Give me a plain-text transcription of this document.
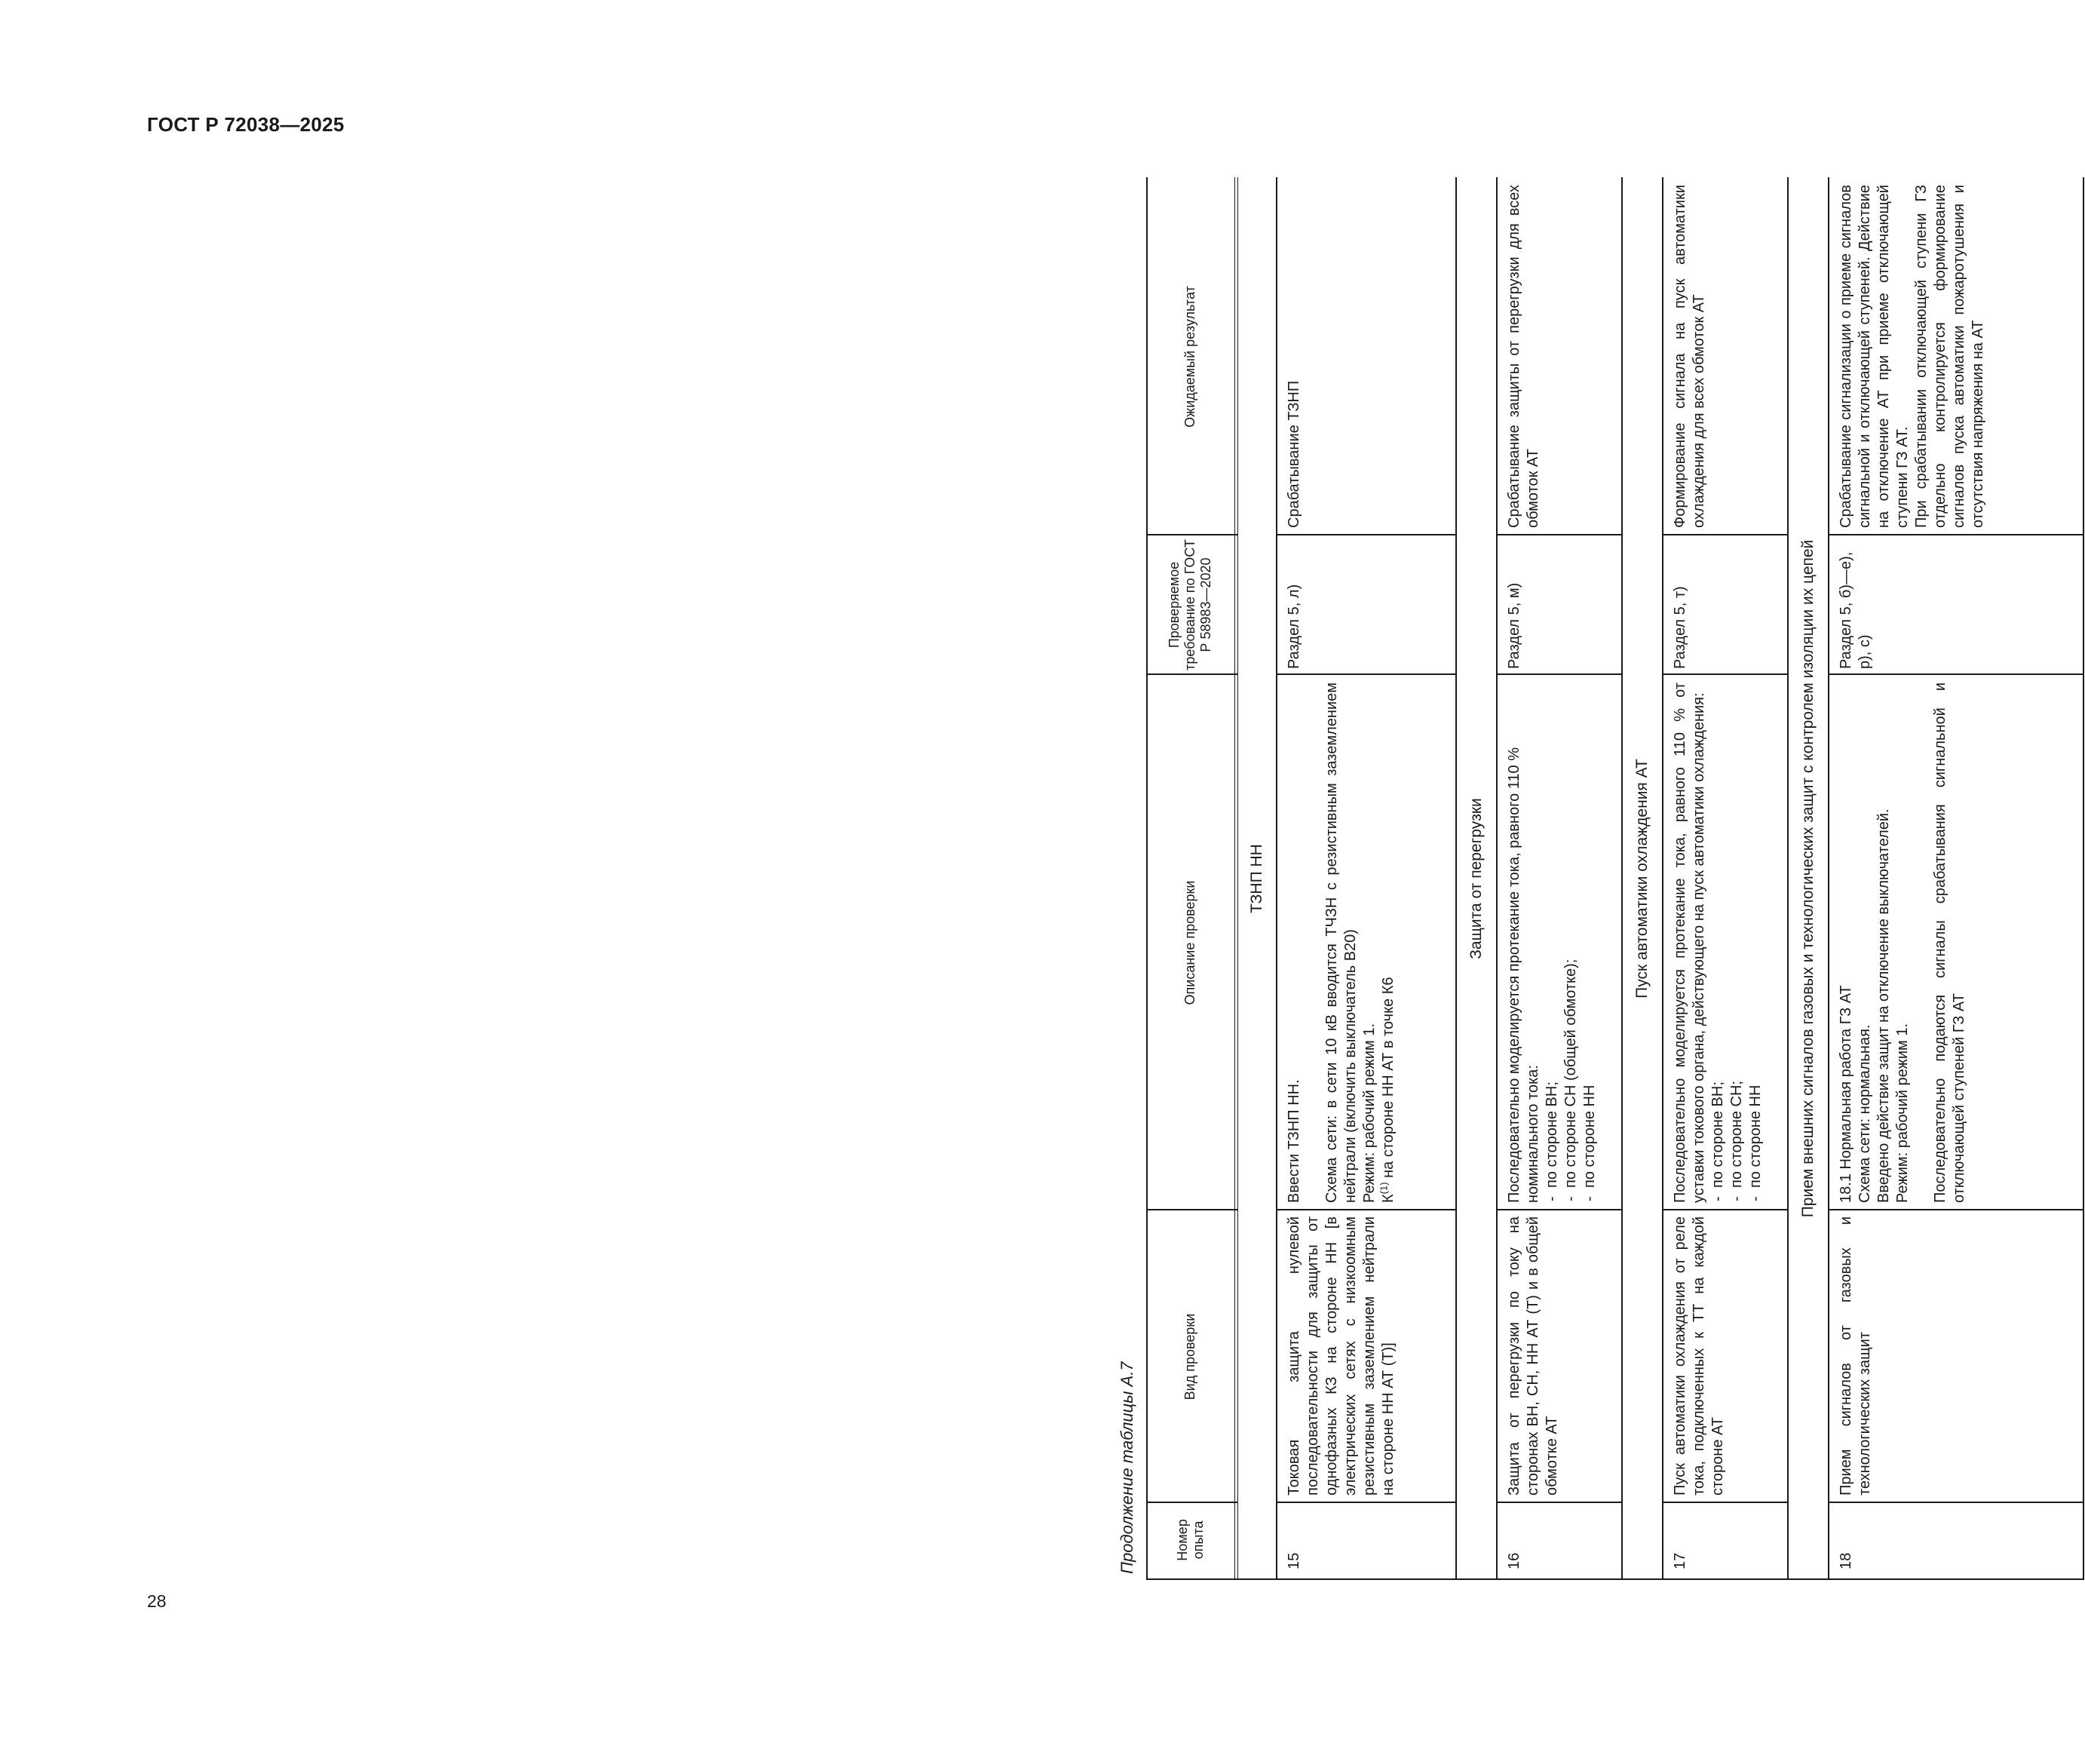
ГОСТ Р 72038—2025
28
Продолжение таблицы А.7	Номер опыта
Вид проверки
Описание проверки
Проверяемое требование по ГОСТ Р 58983—2020
Ожидаемый результат
ТЗНП НН
15
Токовая защита нулевой последовательности для защиты от однофазных КЗ на стороне НН [в электрических сетях с низкоомным резистивным заземлением нейтрали на стороне НН АТ (Т)]

Ввести ТЗНП НН. Схема сети: в сети 10 кВ вводится ТЧЗН с резистивным заземлением нейтрали (включить выключатель В20) Режим: рабочий режим 1. $К^{(1)}$ на стороне НН АТ в точке К6

Раздел 5, л)
Срабатывание ТЗНП
Защита от перегрузки
16
Защита от перегрузки по току на сторонах ВН, СН, НН АТ (Т) и в общей обмотке АТ

Последовательно моделируется протекание тока, равного 110 % номинального тока: - по стороне ВН; - по стороне СН (общей обмотке); - по стороне НН

Раздел 5, м)
Срабатывание защиты от перегрузки для всех обмоток АТ
Пуск автоматики охлаждения АТ
17
Пуск автоматики охлаждения от реле тока, подключенных к ТТ на каждой стороне АТ

Последовательно моделируется протекание тока, равного 110 % от уставки токового органа, действующего на пуск автоматики охлаждения: - по стороне ВН; - по стороне СН; - по стороне НН

Раздел 5, т)
Формирование сигнала на пуск автоматики охлаждения для всех обмоток АТ
Прием внешних сигналов газовых и технологических защит с контролем изоляции их цепей
18
Прием сигналов от газовых и технологических защит

18.1 Нормальная работа ГЗ АТ Схема сети: нормальная. Введено действие защит на отключение выключателей. Режим: рабочий режим 1. Последовательно подаются сигналы срабатывания сигнальной и отключающей ступеней ГЗ АТ

Раздел 5, б)—е), р), с)

Срабатывание сигнализации о приеме сигналов сигнальной и отключающей ступеней. Действие на отключение АТ при приеме отключающей ступени ГЗ АТ. При срабатывании отключающей ступени ГЗ отдельно контролируется формирование сигналов пуска автоматики пожаротушения и отсутствия напряжения на АТ
